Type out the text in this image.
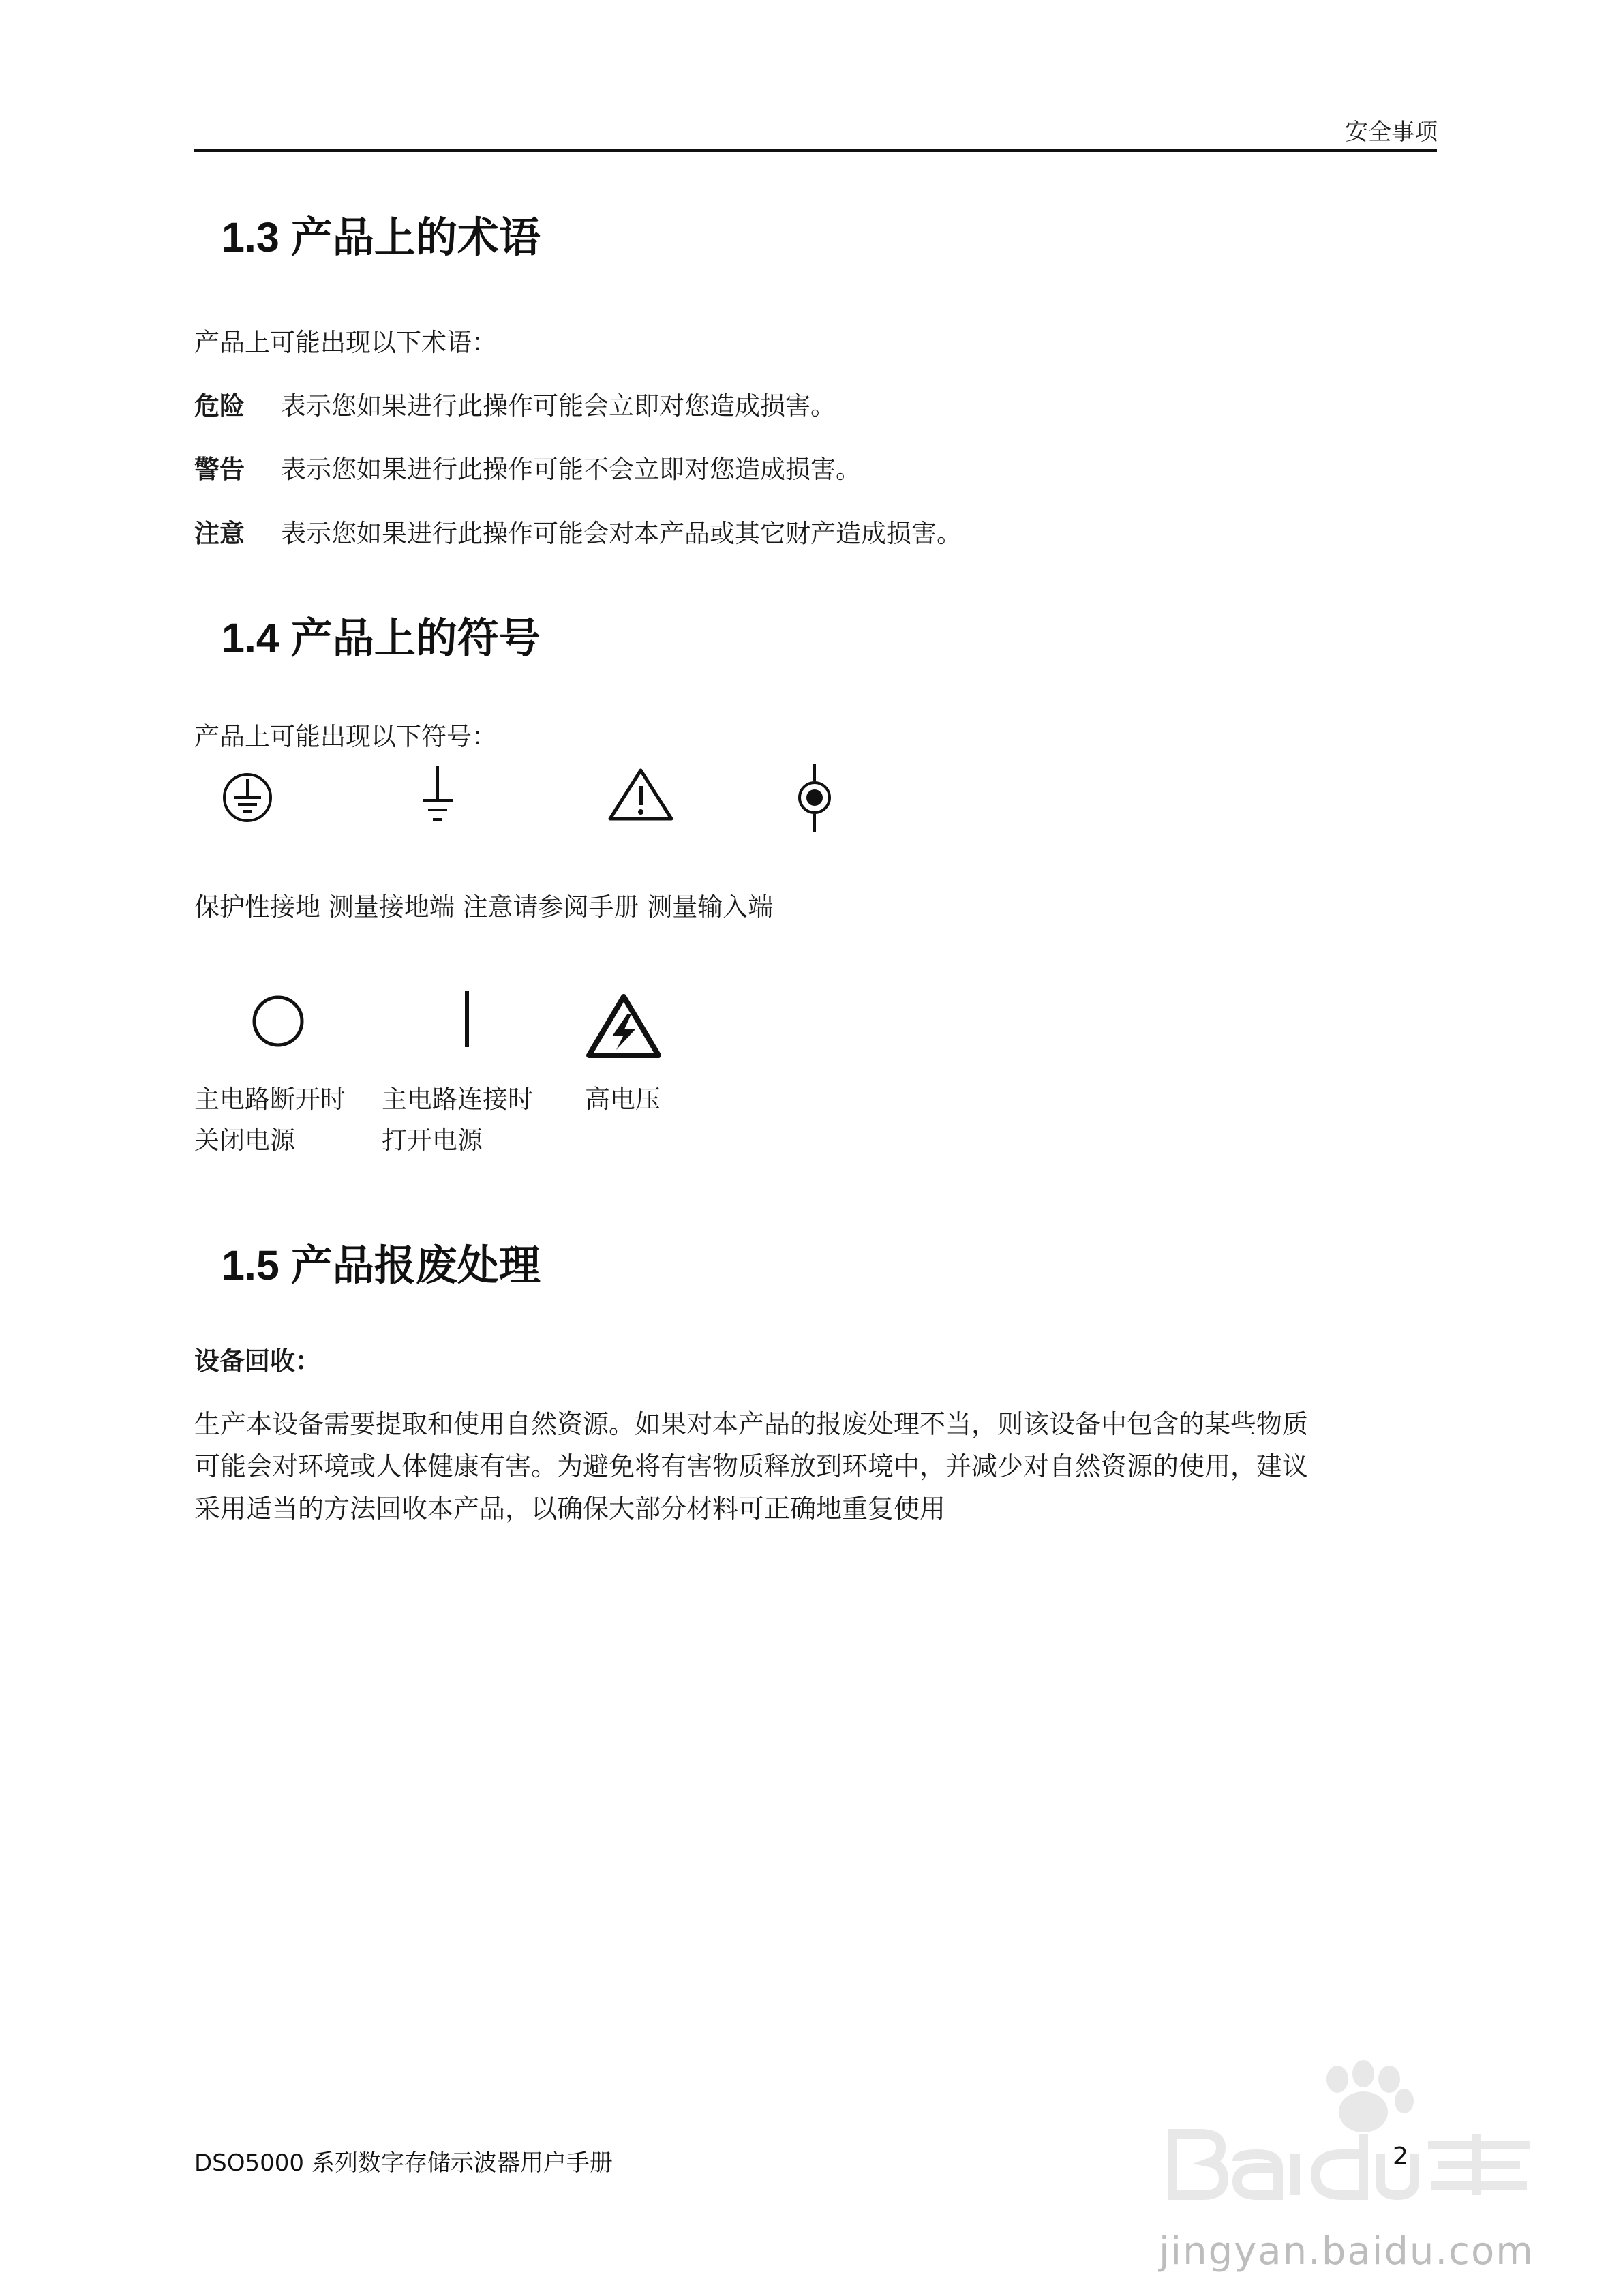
安全事项
1.3 产品上的术语
产品上可能出现以下术语：
危险 表示您如果进行此操作可能会立即对您造成损害。
警告 表示您如果进行此操作可能不会立即对您造成损害。
注意 表示您如果进行此操作可能会对本产品或其它财产造成损害。
1.4 产品上的符号
产品上可能出现以下符号：
保护性接地 测量接地端 注意请参阅手册 测量输入端
主电路断开时
关闭电源
主电路连接时
打开电源
高电压
1.5 产品报废处理
设备回收：
生产本设备需要提取和使用自然资源。如果对本产品的报废处理不当，则该设备中包含的某些物质
可能会对环境或人体健康有害。为避免将有害物质释放到环境中，并减少对自然资源的使用，建议
采用适当的方法回收本产品，以确保大部分材料可正确地重复使用
jingyan.baidu.com
DSO5000 系列数字存储示波器用户手册	2
